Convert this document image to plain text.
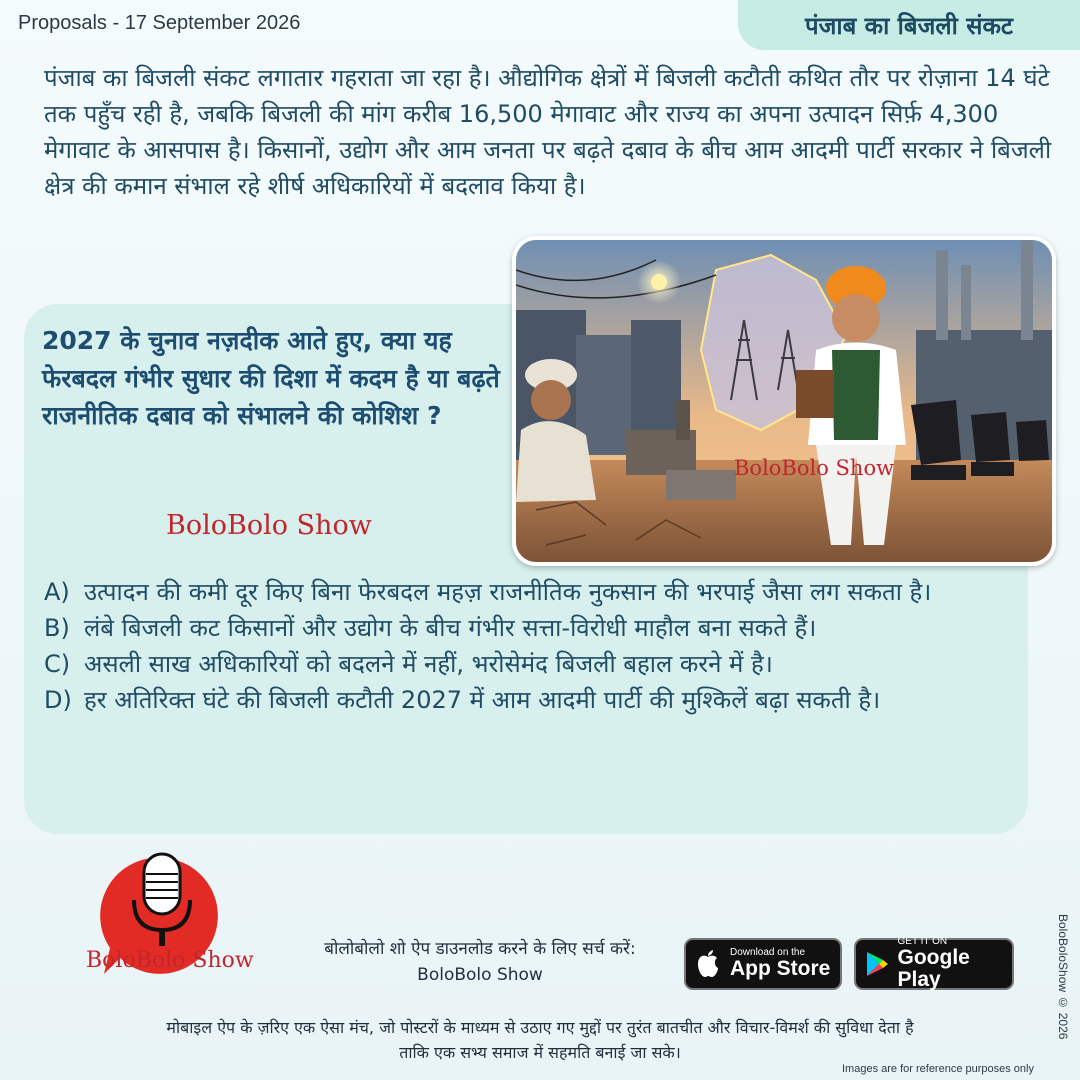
Proposals - 17 September 2026	पंजाब का बिजली संकट
पंजाब का बिजली संकट लगातार गहराता जा रहा है। औद्योगिक क्षेत्रों में बिजली कटौती कथित तौर पर रोज़ाना 14 घंटे तक पहुँच रही है, जबकि बिजली की मांग करीब 16,500 मेगावाट और राज्य का अपना उत्पादन सिर्फ़ 4,300 मेगावाट के आसपास है। किसानों, उद्योग और आम जनता पर बढ़ते दबाव के बीच आम आदमी पार्टी सरकार ने बिजली क्षेत्र की कमान संभाल रहे शीर्ष अधिकारियों में बदलाव किया है।
2027 के चुनाव नज़दीक आते हुए, क्या यह फेरबदल गंभीर सुधार की दिशा में कदम है या बढ़ते राजनीतिक दबाव को संभालने की कोशिश ?
BoloBolo Show
BoloBolo Show
A) उत्पादन की कमी दूर किए बिना फेरबदल महज़ राजनीतिक नुकसान की भरपाई जैसा लग सकता है।
B) लंबे बिजली कट किसानों और उद्योग के बीच गंभीर सत्ता-विरोधी माहौल बना सकते हैं।
C) असली साख अधिकारियों को बदलने में नहीं, भरोसेमंद बिजली बहाल करने में है।
D) हर अतिरिक्त घंटे की बिजली कटौती 2027 में आम आदमी पार्टी की मुश्किलें बढ़ा सकती है।
BoloBolo Show	बोलोबोलो शो ऐप डाउनलोड करने के लिए सर्च करें:
BoloBolo Show
Download on the
App Store
GET IT ON
Google Play
मोबाइल ऐप के ज़रिए एक ऐसा मंच, जो पोस्टरों के माध्यम से उठाए गए मुद्दों पर तुरंत बातचीत और विचार-विमर्श की सुविधा देता है
ताकि एक सभ्य समाज में सहमति बनाई जा सके।
BoloBoloShow © 2026
Images are for reference purposes only
